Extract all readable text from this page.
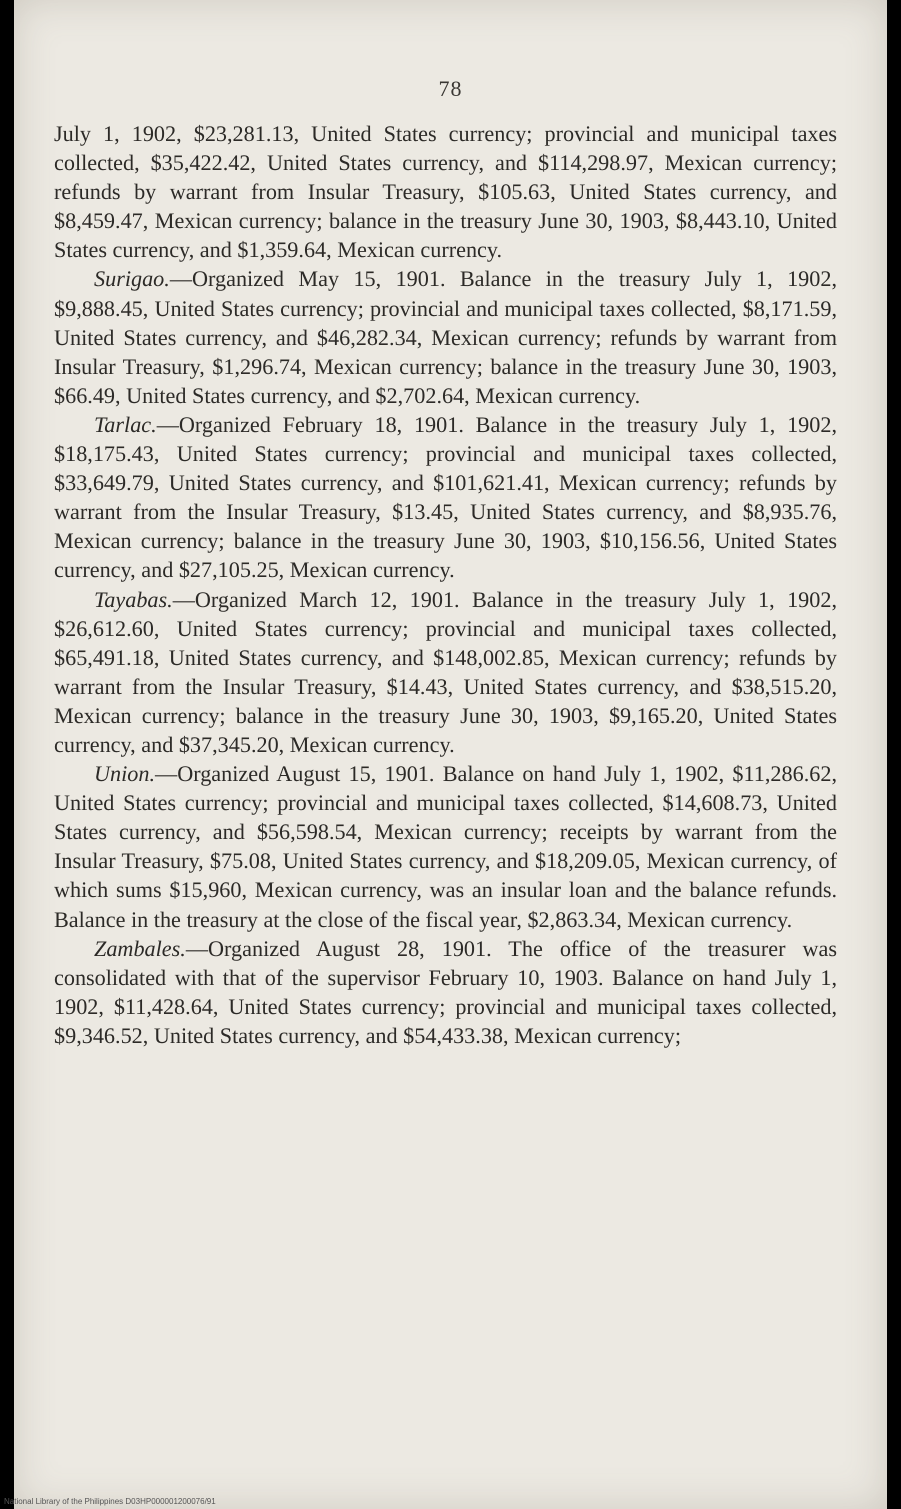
78

July 1, 1902, $23,281.13, United States currency; provincial and municipal taxes collected, $35,422.42, United States currency, and $114,298.97, Mexican currency; refunds by warrant from Insular Treasury, $105.63, United States currency, and $8,459.47, Mexican currency; balance in the treasury June 30, 1903, $8,443.10, United States currency, and $1,359.64, Mexican currency.

Surigao.—Organized May 15, 1901. Balance in the treasury July 1, 1902, $9,888.45, United States currency; provincial and municipal taxes collected, $8,171.59, United States currency, and $46,282.34, Mexican currency; refunds by warrant from Insular Treasury, $1,296.74, Mexican currency; balance in the treasury June 30, 1903, $66.49, United States currency, and $2,702.64, Mexican currency.

Tarlac.—Organized February 18, 1901. Balance in the treasury July 1, 1902, $18,175.43, United States currency; provincial and municipal taxes collected, $33,649.79, United States currency, and $101,621.41, Mexican currency; refunds by warrant from the Insular Treasury, $13.45, United States currency, and $8,935.76, Mexican currency; balance in the treasury June 30, 1903, $10,156.56, United States currency, and $27,105.25, Mexican currency.

Tayabas.—Organized March 12, 1901. Balance in the treasury July 1, 1902, $26,612.60, United States currency; provincial and municipal taxes collected, $65,491.18, United States currency, and $148,002.85, Mexican currency; refunds by warrant from the Insular Treasury, $14.43, United States currency, and $38,515.20, Mexican currency; balance in the treasury June 30, 1903, $9,165.20, United States currency, and $37,345.20, Mexican currency.

Union.—Organized August 15, 1901. Balance on hand July 1, 1902, $11,286.62, United States currency; provincial and municipal taxes collected, $14,608.73, United States currency, and $56,598.54, Mexican currency; receipts by warrant from the Insular Treasury, $75.08, United States currency, and $18,209.05, Mexican currency, of which sums $15,960, Mexican currency, was an insular loan and the balance refunds. Balance in the treasury at the close of the fiscal year, $2,863.34, Mexican currency.

Zambales.—Organized August 28, 1901. The office of the treasurer was consolidated with that of the supervisor February 10, 1903. Balance on hand July 1, 1902, $11,428.64, United States currency; provincial and municipal taxes collected, $9,346.52, United States currency, and $54,433.38, Mexican currency;

National Library of the Philippines D03HP000001200076/91
